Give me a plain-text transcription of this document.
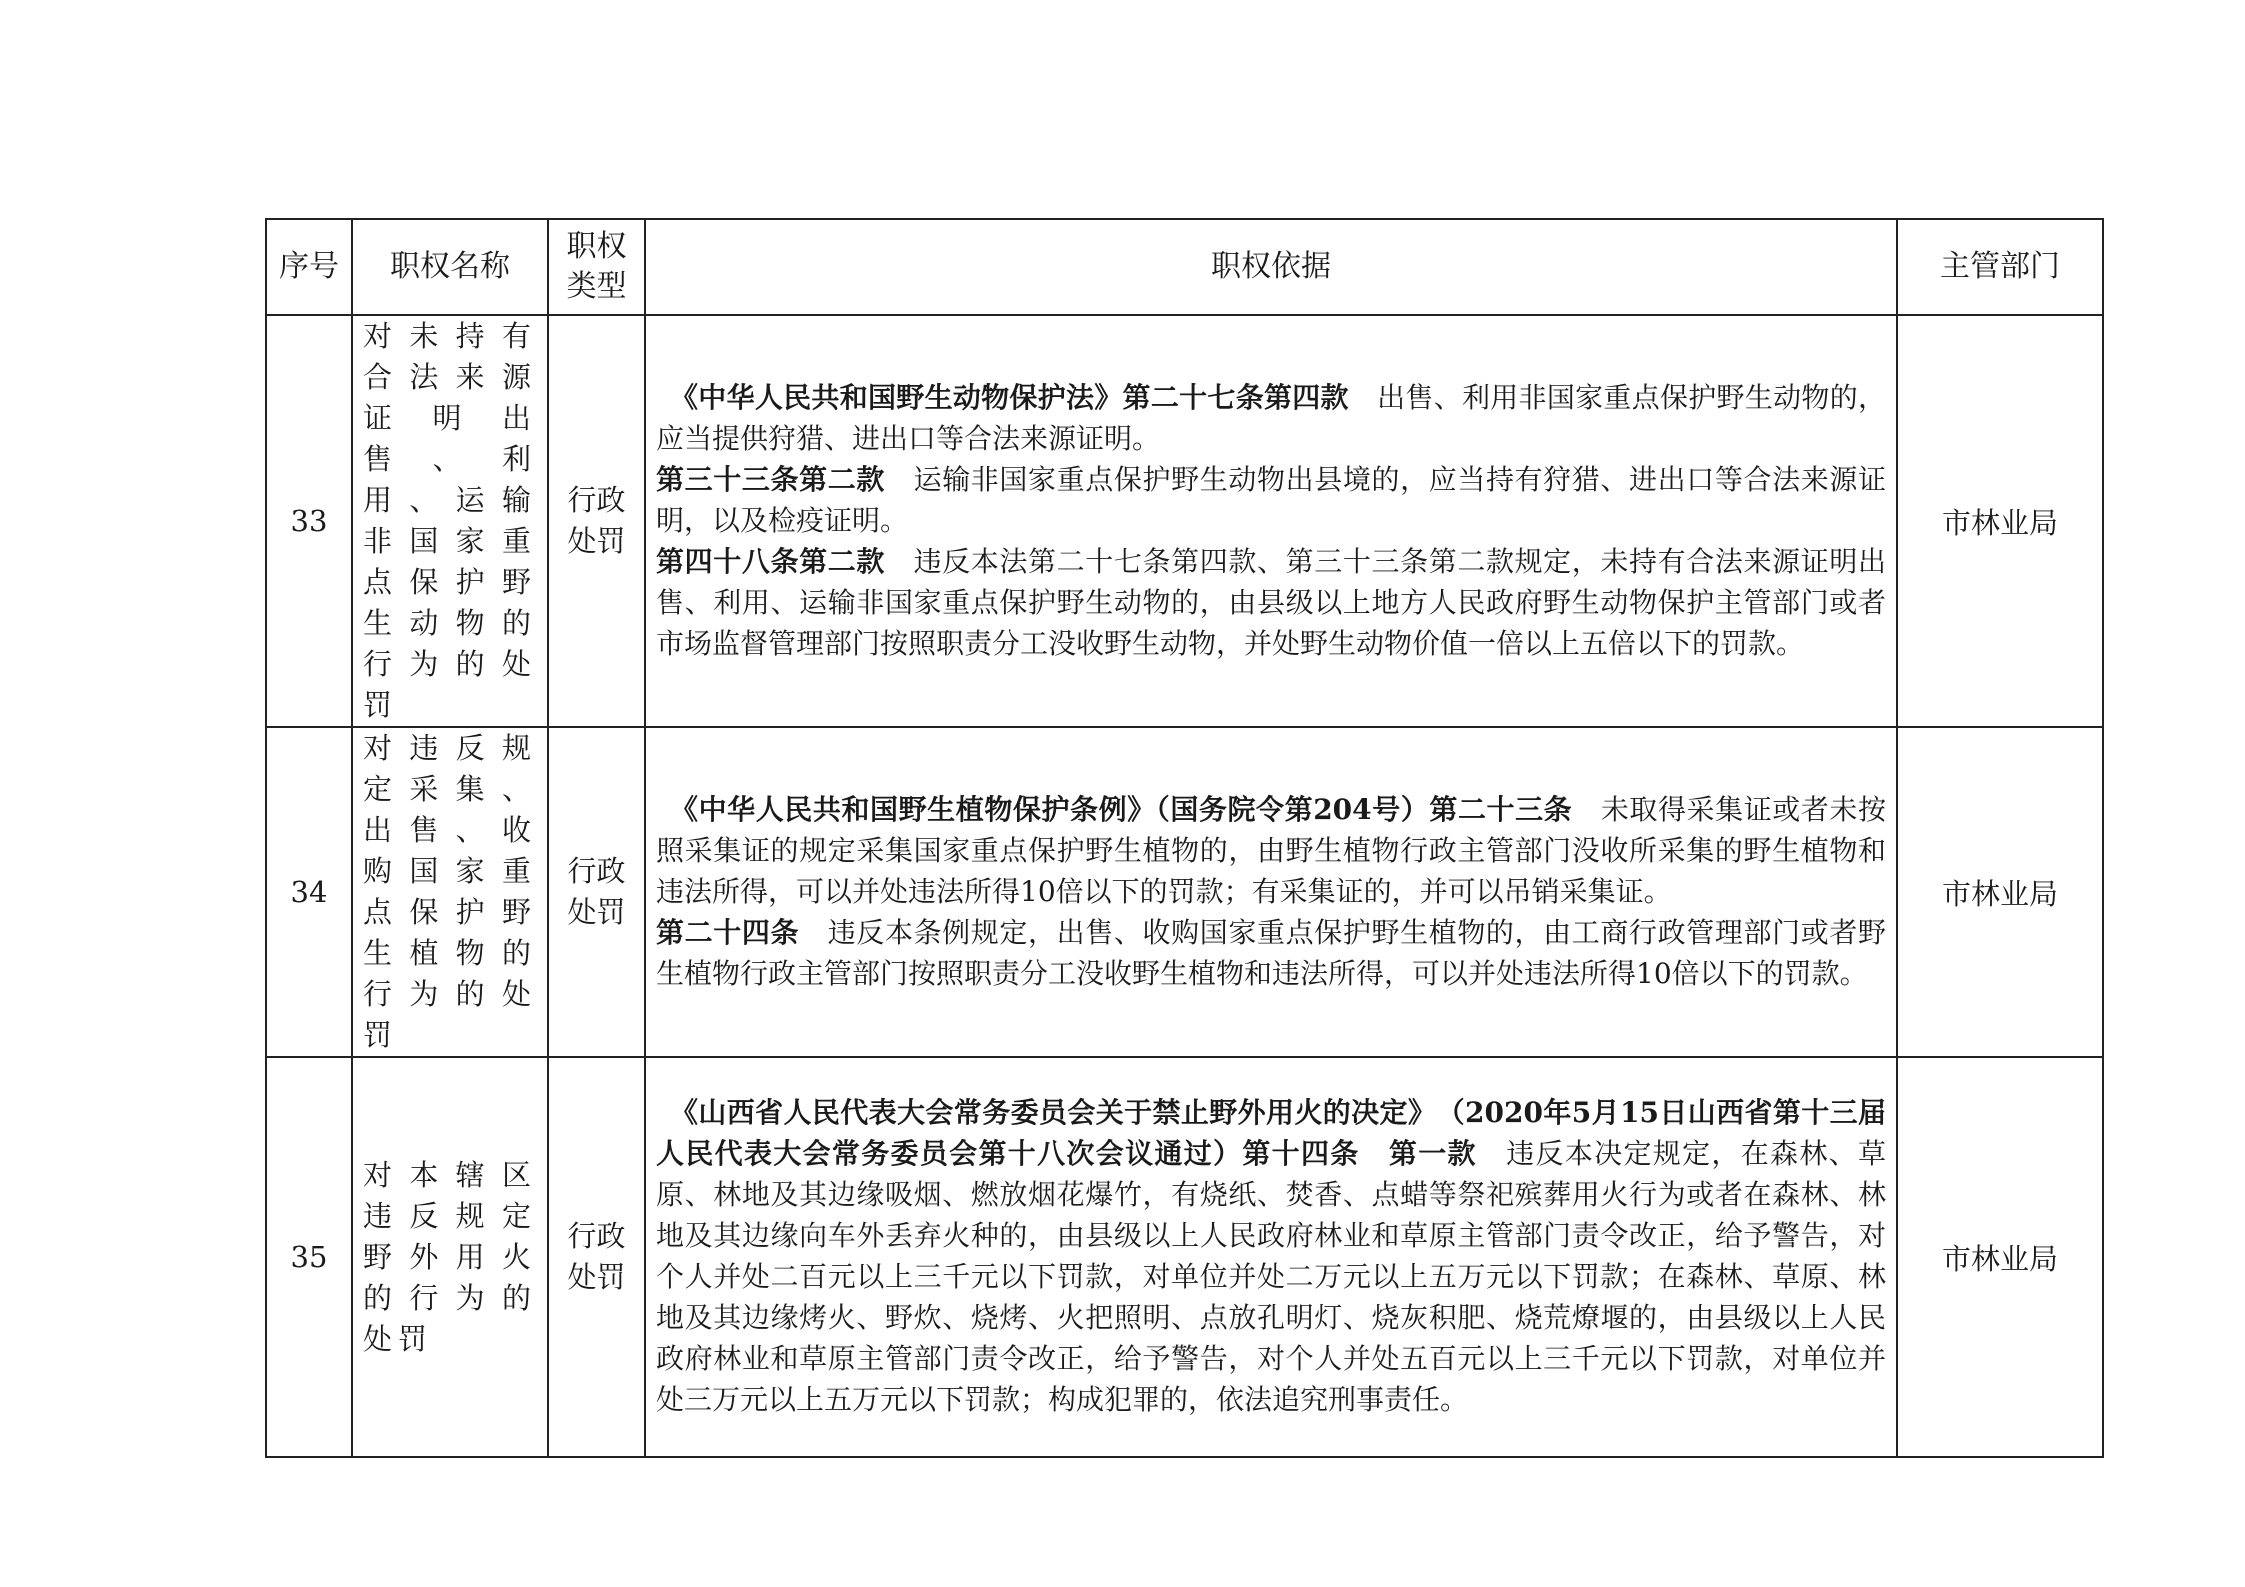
序号	职权名称	职权类型	职权依据	主管部门
33	对未持有合法来源证明出售、利用、运输非国家重点保护野生动物的行为的处罚	行政处罚	《中华人民共和国野生动物保护法》第二十七条第四款　出售、利用非国家重点保护野生动物的，应当提供狩猎、进出口等合法来源证明。
第三十三条第二款　运输非国家重点保护野生动物出县境的，应当持有狩猎、进出口等合法来源证明，以及检疫证明。
第四十八条第二款　违反本法第二十七条第四款、第三十三条第二款规定，未持有合法来源证明出售、利用、运输非国家重点保护野生动物的，由县级以上地方人民政府野生动物保护主管部门或者市场监督管理部门按照职责分工没收野生动物，并处野生动物价值一倍以上五倍以下的罚款。	市林业局
34	对违反规定采集、出售、收购国家重点保护野生植物的行为的处罚	行政处罚	《中华人民共和国野生植物保护条例》（国务院令第204号）第二十三条　未取得采集证或者未按照采集证的规定采集国家重点保护野生植物的，由野生植物行政主管部门没收所采集的野生植物和违法所得，可以并处违法所得10倍以下的罚款；有采集证的，并可以吊销采集证。
第二十四条　违反本条例规定，出售、收购国家重点保护野生植物的，由工商行政管理部门或者野生植物行政主管部门按照职责分工没收野生植物和违法所得，可以并处违法所得10倍以下的罚款。	市林业局
35	对本辖区违反规定野外用火的行为的处罚	行政处罚	《山西省人民代表大会常务委员会关于禁止野外用火的决定》　（2020年5月15日山西省第十三届人民代表大会常务委员会第十八次会议通过）第十四条　第一款　违反本决定规定，在森林、草原、林地及其边缘吸烟、燃放烟花爆竹，有烧纸、焚香、点蜡等祭祀殡葬用火行为或者在森林、林地及其边缘向车外丢弃火种的，由县级以上人民政府林业和草原主管部门责令改正，给予警告，对个人并处二百元以上三千元以下罚款，对单位并处二万元以上五万元以下罚款；在森林、草原、林地及其边缘烤火、野炊、烧烤、火把照明、点放孔明灯、烧灰积肥、烧荒燎堰的，由县级以上人民政府林业和草原主管部门责令改正，给予警告，对个人并处五百元以上三千元以下罚款，对单位并处三万元以上五万元以下罚款；构成犯罪的，依法追究刑事责任。	市林业局
